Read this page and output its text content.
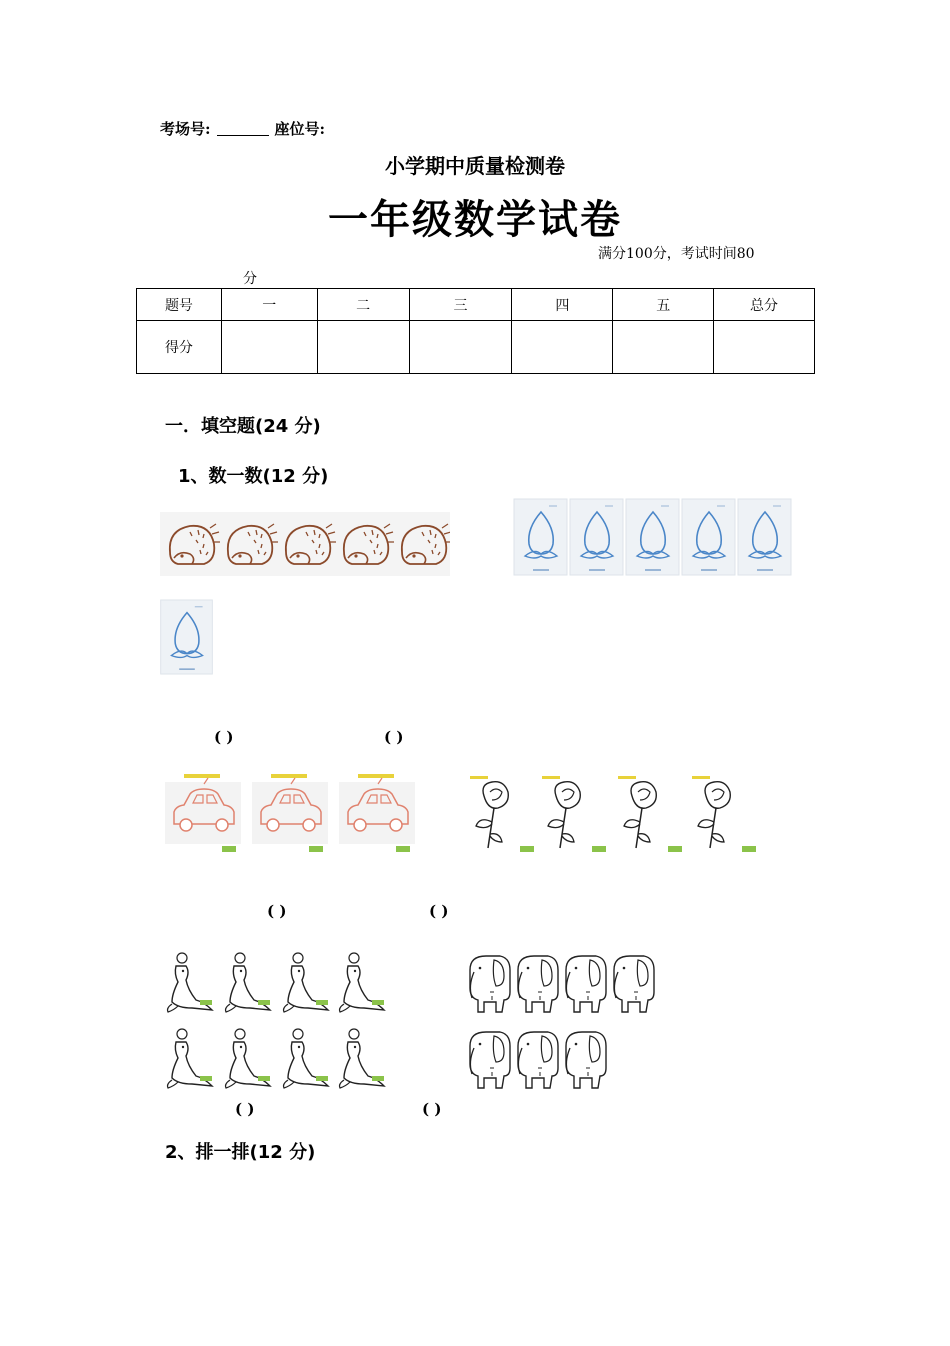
考场号:	座位号:
小学期中质量检测卷
一年级数学试卷
满分100分，考试时间80
分
题号	一	二	三	四	五	总分
得分						
一．填空题(24 分)
1、数一数(12 分)
( )	( )
( )	( )
( )	( )
2、排一排(12 分)
